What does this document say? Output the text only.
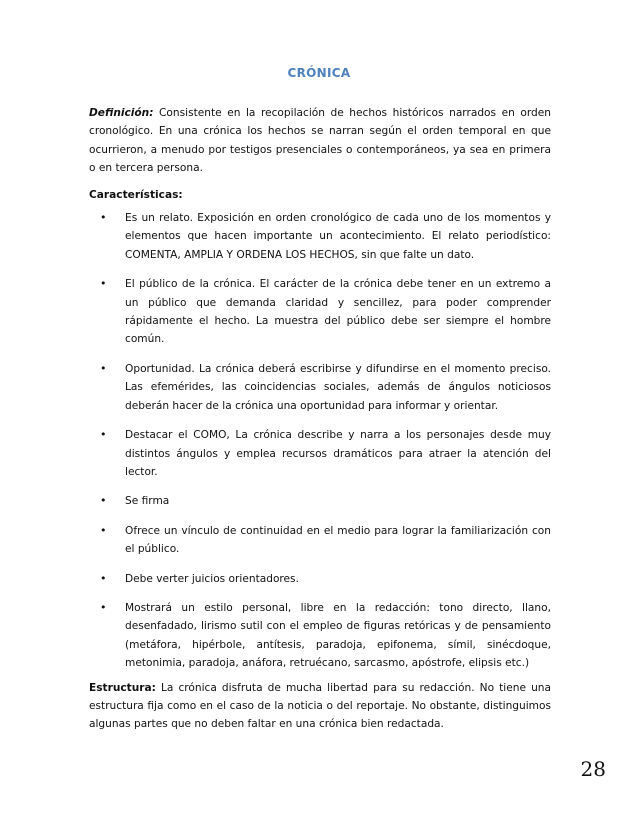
CRÓNICA

Definición: Consistente en la recopilación de hechos históricos narrados en orden cronológico. En una crónica los hechos se narran según el orden temporal en que ocurrieron, a menudo por testigos presenciales o contemporáneos, ya sea en primera o en tercera persona.

Características:
• Es un relato. Exposición en orden cronológico de cada uno de los momentos y elementos que hacen importante un acontecimiento. El relato periodístico: COMENTA, AMPLIA Y ORDENA LOS HECHOS, sin que falte un dato.
• El público de la crónica. El carácter de la crónica debe tener en un extremo a un público que demanda claridad y sencillez, para poder comprender rápidamente el hecho. La muestra del público debe ser siempre el hombre común.
• Oportunidad. La crónica deberá escribirse y difundirse en el momento preciso. Las efemérides, las coincidencias sociales, además de ángulos noticiosos deberán hacer de la crónica una oportunidad para informar y orientar.
• Destacar el COMO, La crónica describe y narra a los personajes desde muy distintos ángulos y emplea recursos dramáticos para atraer la atención del lector.
• Se firma
• Ofrece un vínculo de continuidad en el medio para lograr la familiarización con el público.
• Debe verter juicios orientadores.
• Mostrará un estilo personal, libre en la redacción: tono directo, llano, desenfadado, lirismo sutil con el empleo de figuras retóricas y de pensamiento (metáfora, hipérbole, antítesis, paradoja, epifonema, símil, sinécdoque, metonimia, paradoja, anáfora, retruécano, sarcasmo, apóstrofe, elipsis etc.)

Estructura: La crónica disfruta de mucha libertad para su redacción. No tiene una estructura fija como en el caso de la noticia o del reportaje. No obstante, distinguimos algunas partes que no deben faltar en una crónica bien redactada.

28
